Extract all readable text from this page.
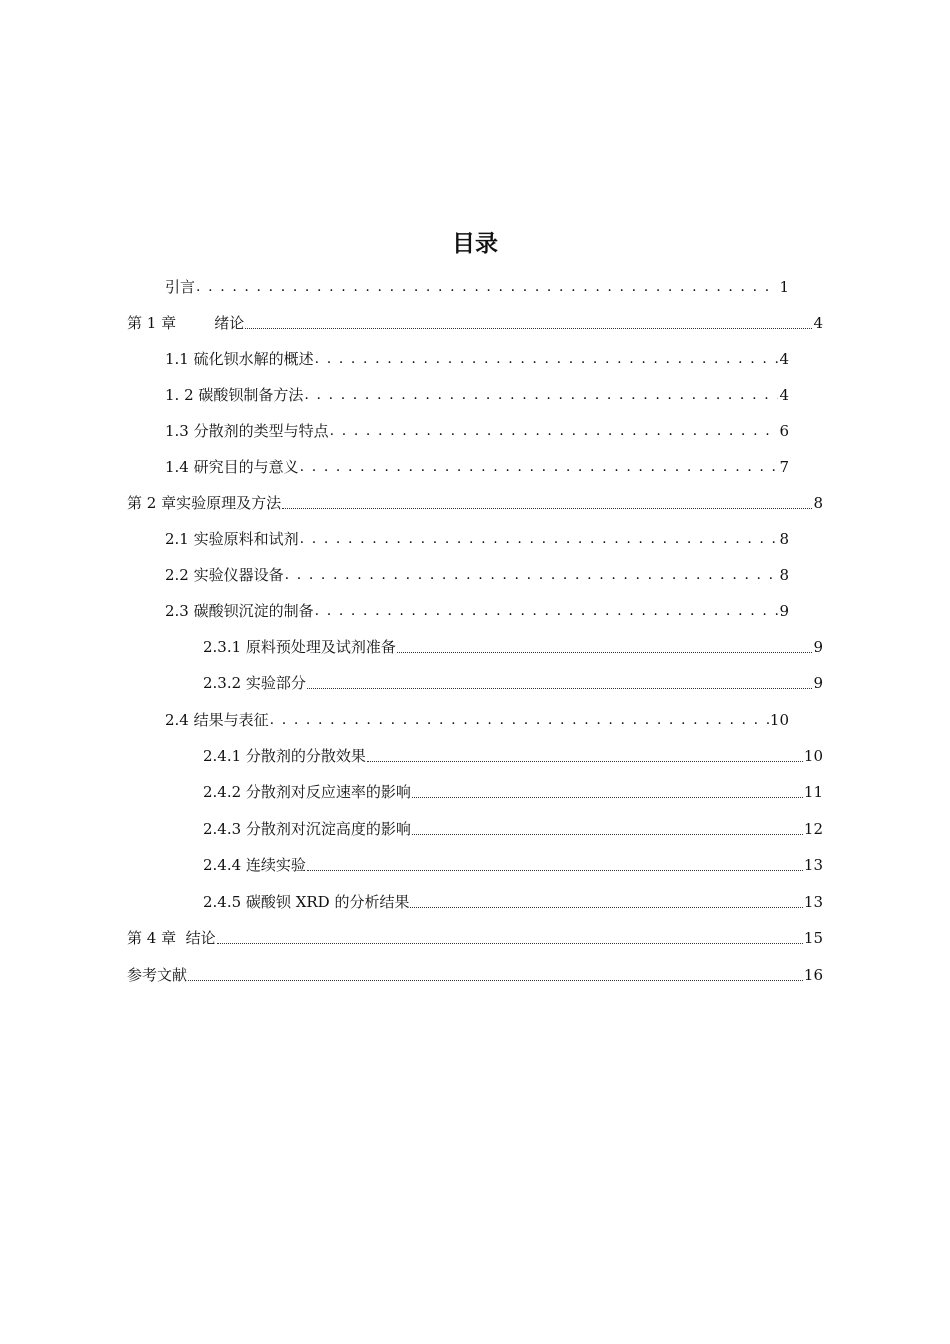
目录
引言 . . .	1
第 1 章        绪论	4
1.1 硫化钡水解的概述 . . .	4
1. 2 碳酸钡制备方法 . . .	4
1.3 分散剂的类型与特点 . . .	6
1.4 研究目的与意义 . . .	7
第 2 章实验原理及方法	8
2.1 实验原料和试剂 . . .	8
2.2 实验仪器设备 . . .	8
2.3 碳酸钡沉淀的制备 . . .	9
2.3.1 原料预处理及试剂准备	9
2.3.2 实验部分	9
2.4 结果与表征 . . .	10
2.4.1 分散剂的分散效果	10
2.4.2 分散剂对反应速率的影响	11
2.4.3 分散剂对沉淀高度的影响	12
2.4.4 连续实验	13
2.4.5 碳酸钡 XRD 的分析结果	13
第 4 章  结论	15
参考文献	16
